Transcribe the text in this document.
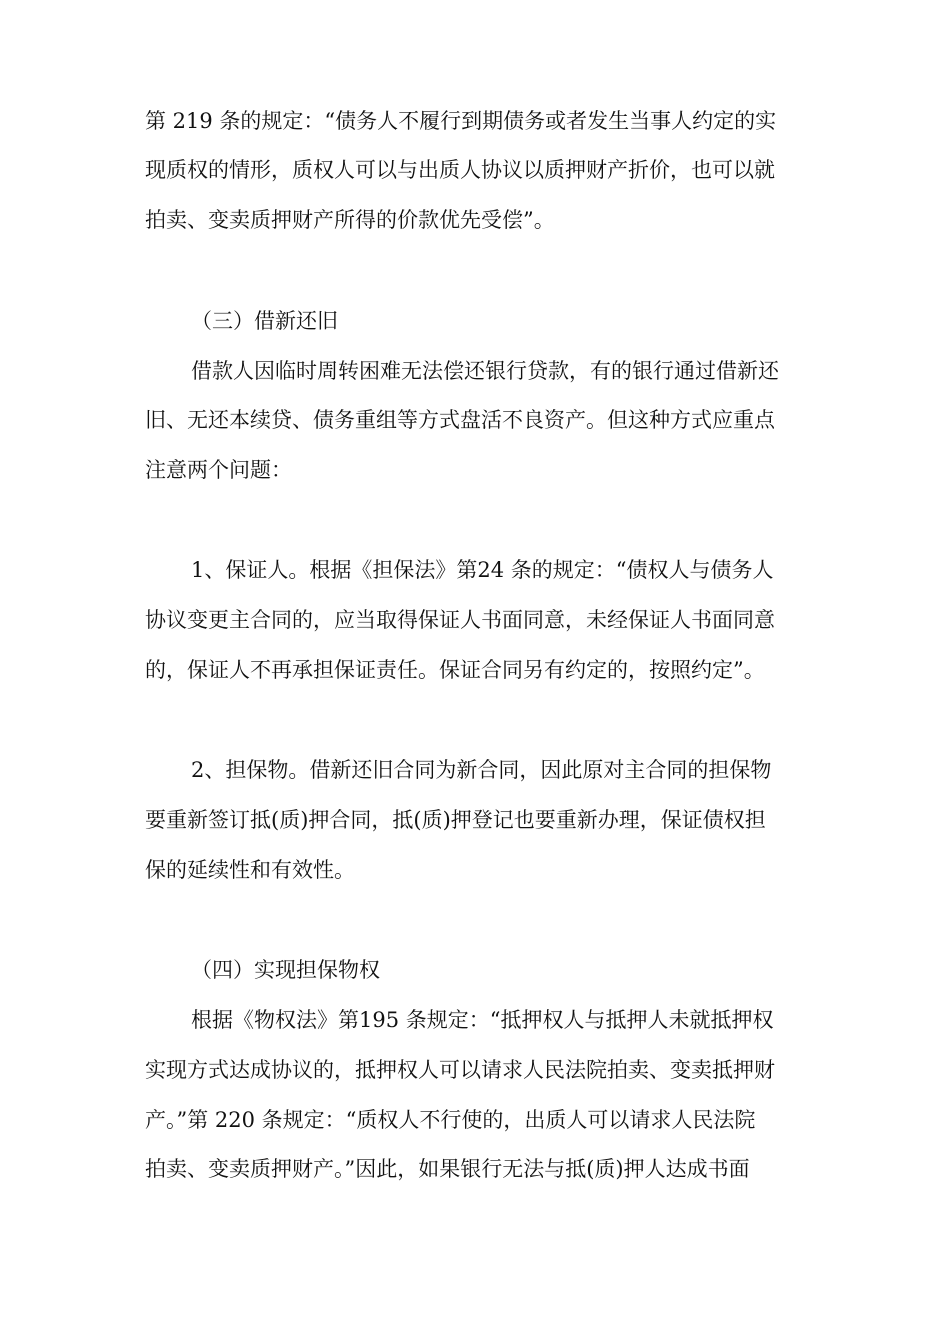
第 219 条的规定：“债务人不履行到期债务或者发生当事人约定的实
现质权的情形，质权人可以与出质人协议以质押财产折价，也可以就
拍卖、变卖质押财产所得的价款优先受偿”。
（三）借新还旧
借款人因临时周转困难无法偿还银行贷款，有的银行通过借新还
旧、无还本续贷、债务重组等方式盘活不良资产。但这种方式应重点
注意两个问题：
1、保证人。根据《担保法》第24 条的规定：“债权人与债务人
协议变更主合同的，应当取得保证人书面同意，未经保证人书面同意
的，保证人不再承担保证责任。保证合同另有约定的，按照约定”。
2、担保物。借新还旧合同为新合同，因此原对主合同的担保物
要重新签订抵(质)押合同，抵(质)押登记也要重新办理，保证债权担
保的延续性和有效性。
（四）实现担保物权
根据《物权法》第195 条规定：“抵押权人与抵押人未就抵押权
实现方式达成协议的，抵押权人可以请求人民法院拍卖、变卖抵押财
产。”第 220 条规定：“质权人不行使的，出质人可以请求人民法院
拍卖、变卖质押财产。”因此，如果银行无法与抵(质)押人达成书面
